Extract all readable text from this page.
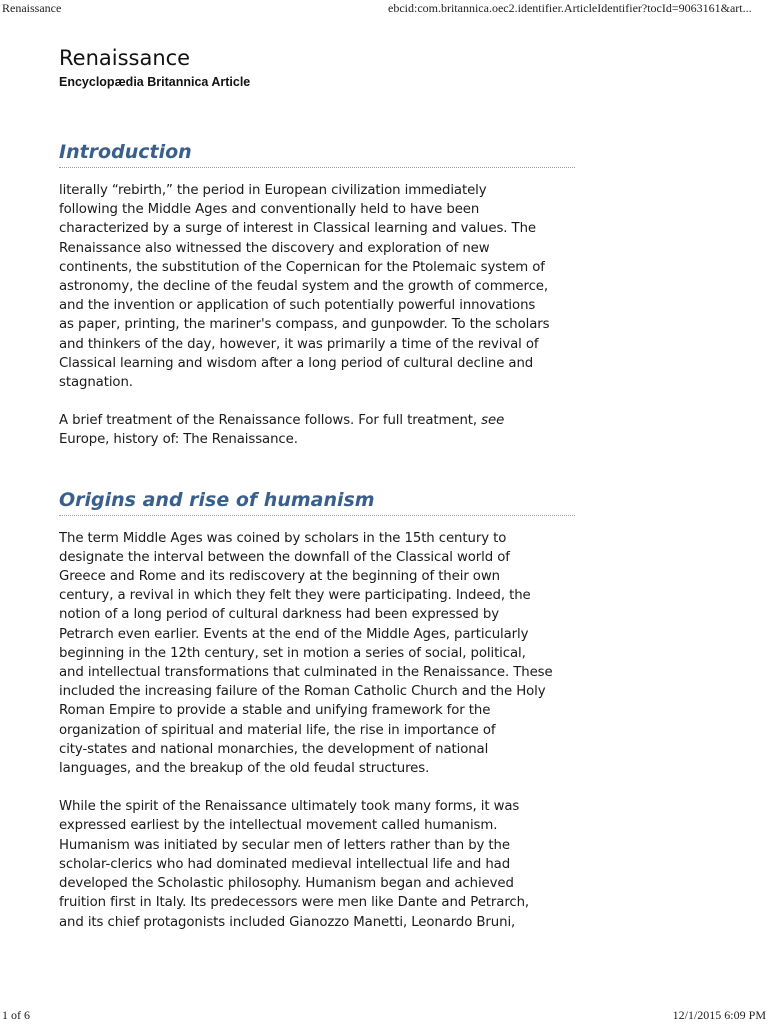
Renaissance	ebcid:com.britannica.oec2.identifier.ArticleIdentifier?tocId=9063161&art...
Renaissance
Encyclopædia Britannica Article
Introduction

literally “rebirth,” the period in European civilization immediately
following the Middle Ages and conventionally held to have been
characterized by a surge of interest in Classical learning and values. The
Renaissance also witnessed the discovery and exploration of new
continents, the substitution of the Copernican for the Ptolemaic system of
astronomy, the decline of the feudal system and the growth of commerce,
and the invention or application of such potentially powerful innovations
as paper, printing, the mariner's compass, and gunpowder. To the scholars
and thinkers of the day, however, it was primarily a time of the revival of
Classical learning and wisdom after a long period of cultural decline and
stagnation.

A brief treatment of the Renaissance follows. For full treatment, see
Europe, history of: The Renaissance.

Origins and rise of humanism

The term Middle Ages was coined by scholars in the 15th century to
designate the interval between the downfall of the Classical world of
Greece and Rome and its rediscovery at the beginning of their own
century, a revival in which they felt they were participating. Indeed, the
notion of a long period of cultural darkness had been expressed by
Petrarch even earlier. Events at the end of the Middle Ages, particularly
beginning in the 12th century, set in motion a series of social, political,
and intellectual transformations that culminated in the Renaissance. These
included the increasing failure of the Roman Catholic Church and the Holy
Roman Empire to provide a stable and unifying framework for the
organization of spiritual and material life, the rise in importance of
city-states and national monarchies, the development of national
languages, and the breakup of the old feudal structures.

While the spirit of the Renaissance ultimately took many forms, it was
expressed earliest by the intellectual movement called humanism.
Humanism was initiated by secular men of letters rather than by the
scholar-clerics who had dominated medieval intellectual life and had
developed the Scholastic philosophy. Humanism began and achieved
fruition first in Italy. Its predecessors were men like Dante and Petrarch,
and its chief protagonists included Gianozzo Manetti, Leonardo Bruni,

1 of 6	12/1/2015 6:09 PM
